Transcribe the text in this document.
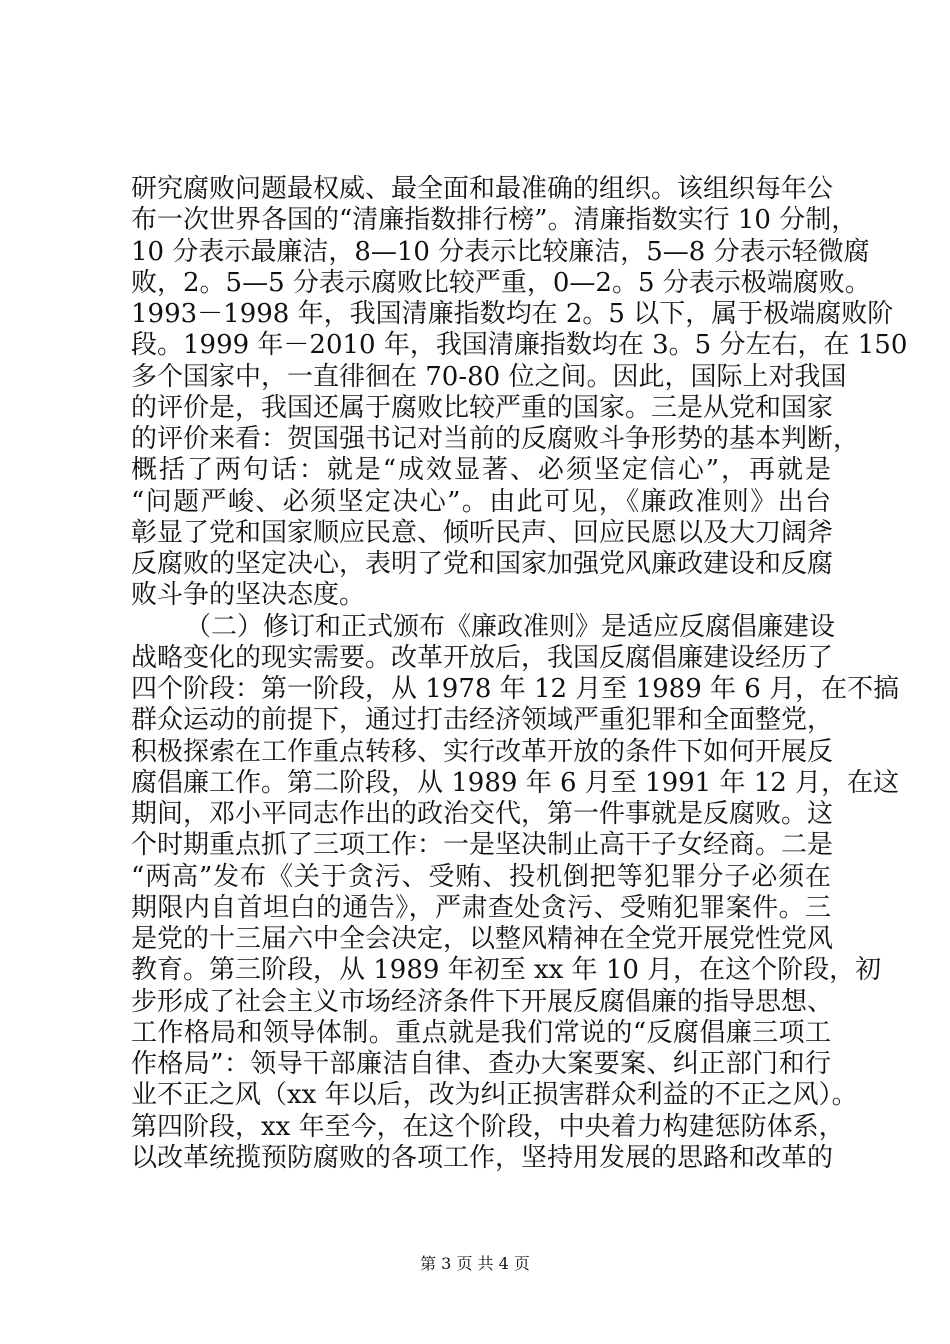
研究腐败问题最权威、最全面和最准确的组织。该组织每年公
布一次世界各国的“清廉指数排行榜”。清廉指数实行 10 分制，
10 分表示最廉洁，8—10 分表示比较廉洁，5—8 分表示轻微腐
败，2。5—5 分表示腐败比较严重，0—2。5 分表示极端腐败。
1993－1998 年，我国清廉指数均在 2。5 以下，属于极端腐败阶
段。1999 年－2010 年，我国清廉指数均在 3。5 分左右，在 150
多个国家中，一直徘徊在 70-80 位之间。因此，国际上对我国
的评价是，我国还属于腐败比较严重的国家。三是从党和国家
的评价来看：贺国强书记对当前的反腐败斗争形势的基本判断，
概括了两句话：就是“成效显著、必须坚定信心”，再就是
“问题严峻、必须坚定决心”。由此可见，《廉政准则》出台
彰显了党和国家顺应民意、倾听民声、回应民愿以及大刀阔斧
反腐败的坚定决心，表明了党和国家加强党风廉政建设和反腐
败斗争的坚决态度。
（二）修订和正式颁布《廉政准则》是适应反腐倡廉建设
战略变化的现实需要。改革开放后，我国反腐倡廉建设经历了
四个阶段：第一阶段，从 1978 年 12 月至 1989 年 6 月，在不搞
群众运动的前提下，通过打击经济领域严重犯罪和全面整党，
积极探索在工作重点转移、实行改革开放的条件下如何开展反
腐倡廉工作。第二阶段，从 1989 年 6 月至 1991 年 12 月，在这
期间，邓小平同志作出的政治交代，第一件事就是反腐败。这
个时期重点抓了三项工作：一是坚决制止高干子女经商。二是
“两高”发布《关于贪污、受贿、投机倒把等犯罪分子必须在
期限内自首坦白的通告》，严肃查处贪污、受贿犯罪案件。三
是党的十三届六中全会决定，以整风精神在全党开展党性党风
教育。第三阶段，从 1989 年初至 xx 年 10 月，在这个阶段，初
步形成了社会主义市场经济条件下开展反腐倡廉的指导思想、
工作格局和领导体制。重点就是我们常说的“反腐倡廉三项工
作格局”：领导干部廉洁自律、查办大案要案、纠正部门和行
业不正之风（xx 年以后，改为纠正损害群众利益的不正之风）。
第四阶段，xx 年至今，在这个阶段，中央着力构建惩防体系，
以改革统揽预防腐败的各项工作，坚持用发展的思路和改革的
第 3 页 共 4 页
